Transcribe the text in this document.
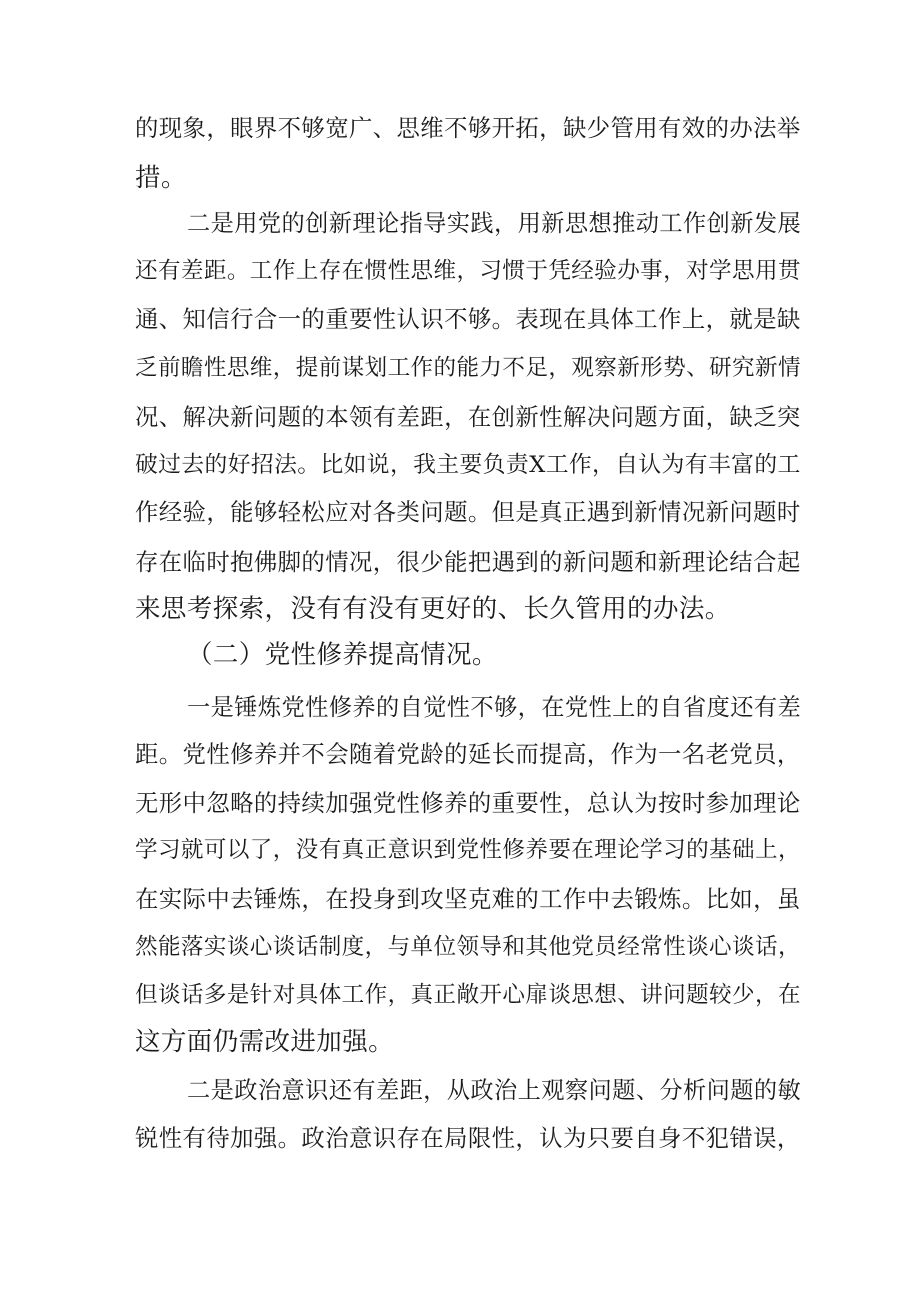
的现象，眼界不够宽广、思维不够开拓，缺少管用有效的办法举
措。
二是用党的创新理论指导实践，用新思想推动工作创新发展
还有差距。工作上存在惯性思维，习惯于凭经验办事，对学思用贯
通、知信行合一的重要性认识不够。表现在具体工作上，就是缺
乏前瞻性思维，提前谋划工作的能力不足，观察新形势、研究新情
况、解决新问题的本领有差距，在创新性解决问题方面，缺乏突
破过去的好招法。比如说，我主要负责X工作，自认为有丰富的工
作经验，能够轻松应对各类问题。但是真正遇到新情况新问题时
存在临时抱佛脚的情况，很少能把遇到的新问题和新理论结合起
来思考探索，没有有没有更好的、长久管用的办法。
（二）党性修养提高情况。
一是锤炼党性修养的自觉性不够，在党性上的自省度还有差
距。党性修养并不会随着党龄的延长而提高，作为一名老党员，
无形中忽略的持续加强党性修养的重要性，总认为按时参加理论
学习就可以了，没有真正意识到党性修养要在理论学习的基础上，
在实际中去锤炼，在投身到攻坚克难的工作中去锻炼。比如，虽
然能落实谈心谈话制度，与单位领导和其他党员经常性谈心谈话，
但谈话多是针对具体工作，真正敞开心扉谈思想、讲问题较少，在
这方面仍需改进加强。
二是政治意识还有差距，从政治上观察问题、分析问题的敏
锐性有待加强。政治意识存在局限性，认为只要自身不犯错误，
